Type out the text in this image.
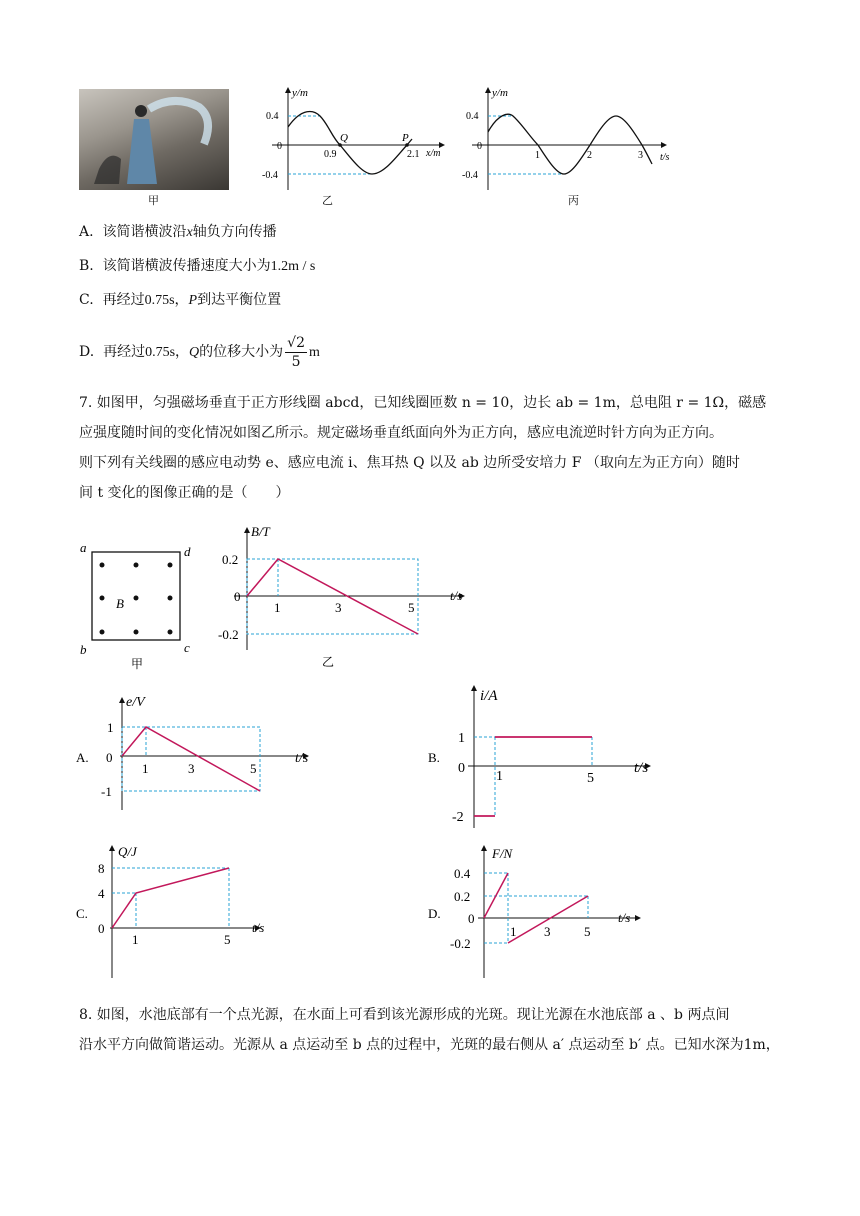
甲
y/m
x/m
0.4
0
-0.4
0.9	2.1
Q	P
乙
y/m
t/s
0.4
0
-0.4
1	2	3
丙
A. 该简谐横波沿x轴负方向传播
B. 该简谐横波传播速度大小为1.2m / s
C. 再经过0.75s，P到达平衡位置
D. 再经过0.75s，Q的位移大小为 $\frac{√2}{5}$ m
7. 如图甲，匀强磁场垂直于正方形线圈 abcd，已知线圈匝数 n = 10，边长 ab = 1m，总电阻 r = 1Ω，磁感
应强度随时间的变化情况如图乙所示。规定磁场垂直纸面向外为正方向，感应电流逆时针方向为正方向。
则下列有关线圈的感应电动势 e、感应电流 i、焦耳热 Q 以及 ab 边所受安培力 F （取向左为正方向）随时
间 t 变化的图像正确的是（　　）
a	d
b	c
B
甲
B/T
t/s
0.2
0
-0.2
1	3	5
乙
A.
e/V
t/s
1
0
-1
1	3	5
B.
i/A
t/s
1
0
-2
1	5
C.
Q/J
t/s
8
4
0
1	5
D.
F/N
t/s
0.4
0.2
0
-0.2
1 3	5
8. 如图，水池底部有一个点光源，在水面上可看到该光源形成的光斑。现让光源在水池底部 a 、b 两点间
沿水平方向做简谐运动。光源从 a 点运动至 b 点的过程中，光斑的最右侧从 a′ 点运动至 b′ 点。已知水深为1m，
